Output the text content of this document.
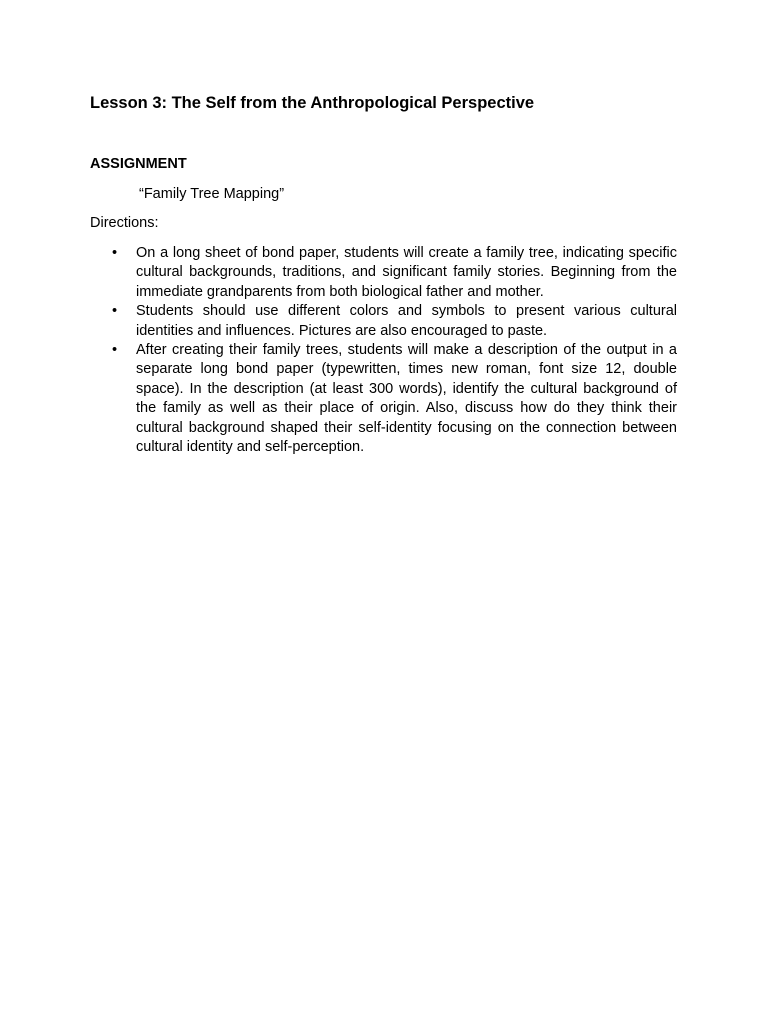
Lesson 3: The Self from the Anthropological Perspective
ASSIGNMENT

“Family Tree Mapping”

Directions:

• On a long sheet of bond paper, students will create a family tree, indicating specific cultural backgrounds, traditions, and significant family stories. Beginning from the immediate grandparents from both biological father and mother.
• Students should use different colors and symbols to present various cultural identities and influences. Pictures are also encouraged to paste.
• After creating their family trees, students will make a description of the output in a separate long bond paper (typewritten, times new roman, font size 12, double space). In the description (at least 300 words), identify the cultural background of the family as well as their place of origin. Also, discuss how do they think their cultural background shaped their self-identity focusing on the connection between cultural identity and self-perception.
